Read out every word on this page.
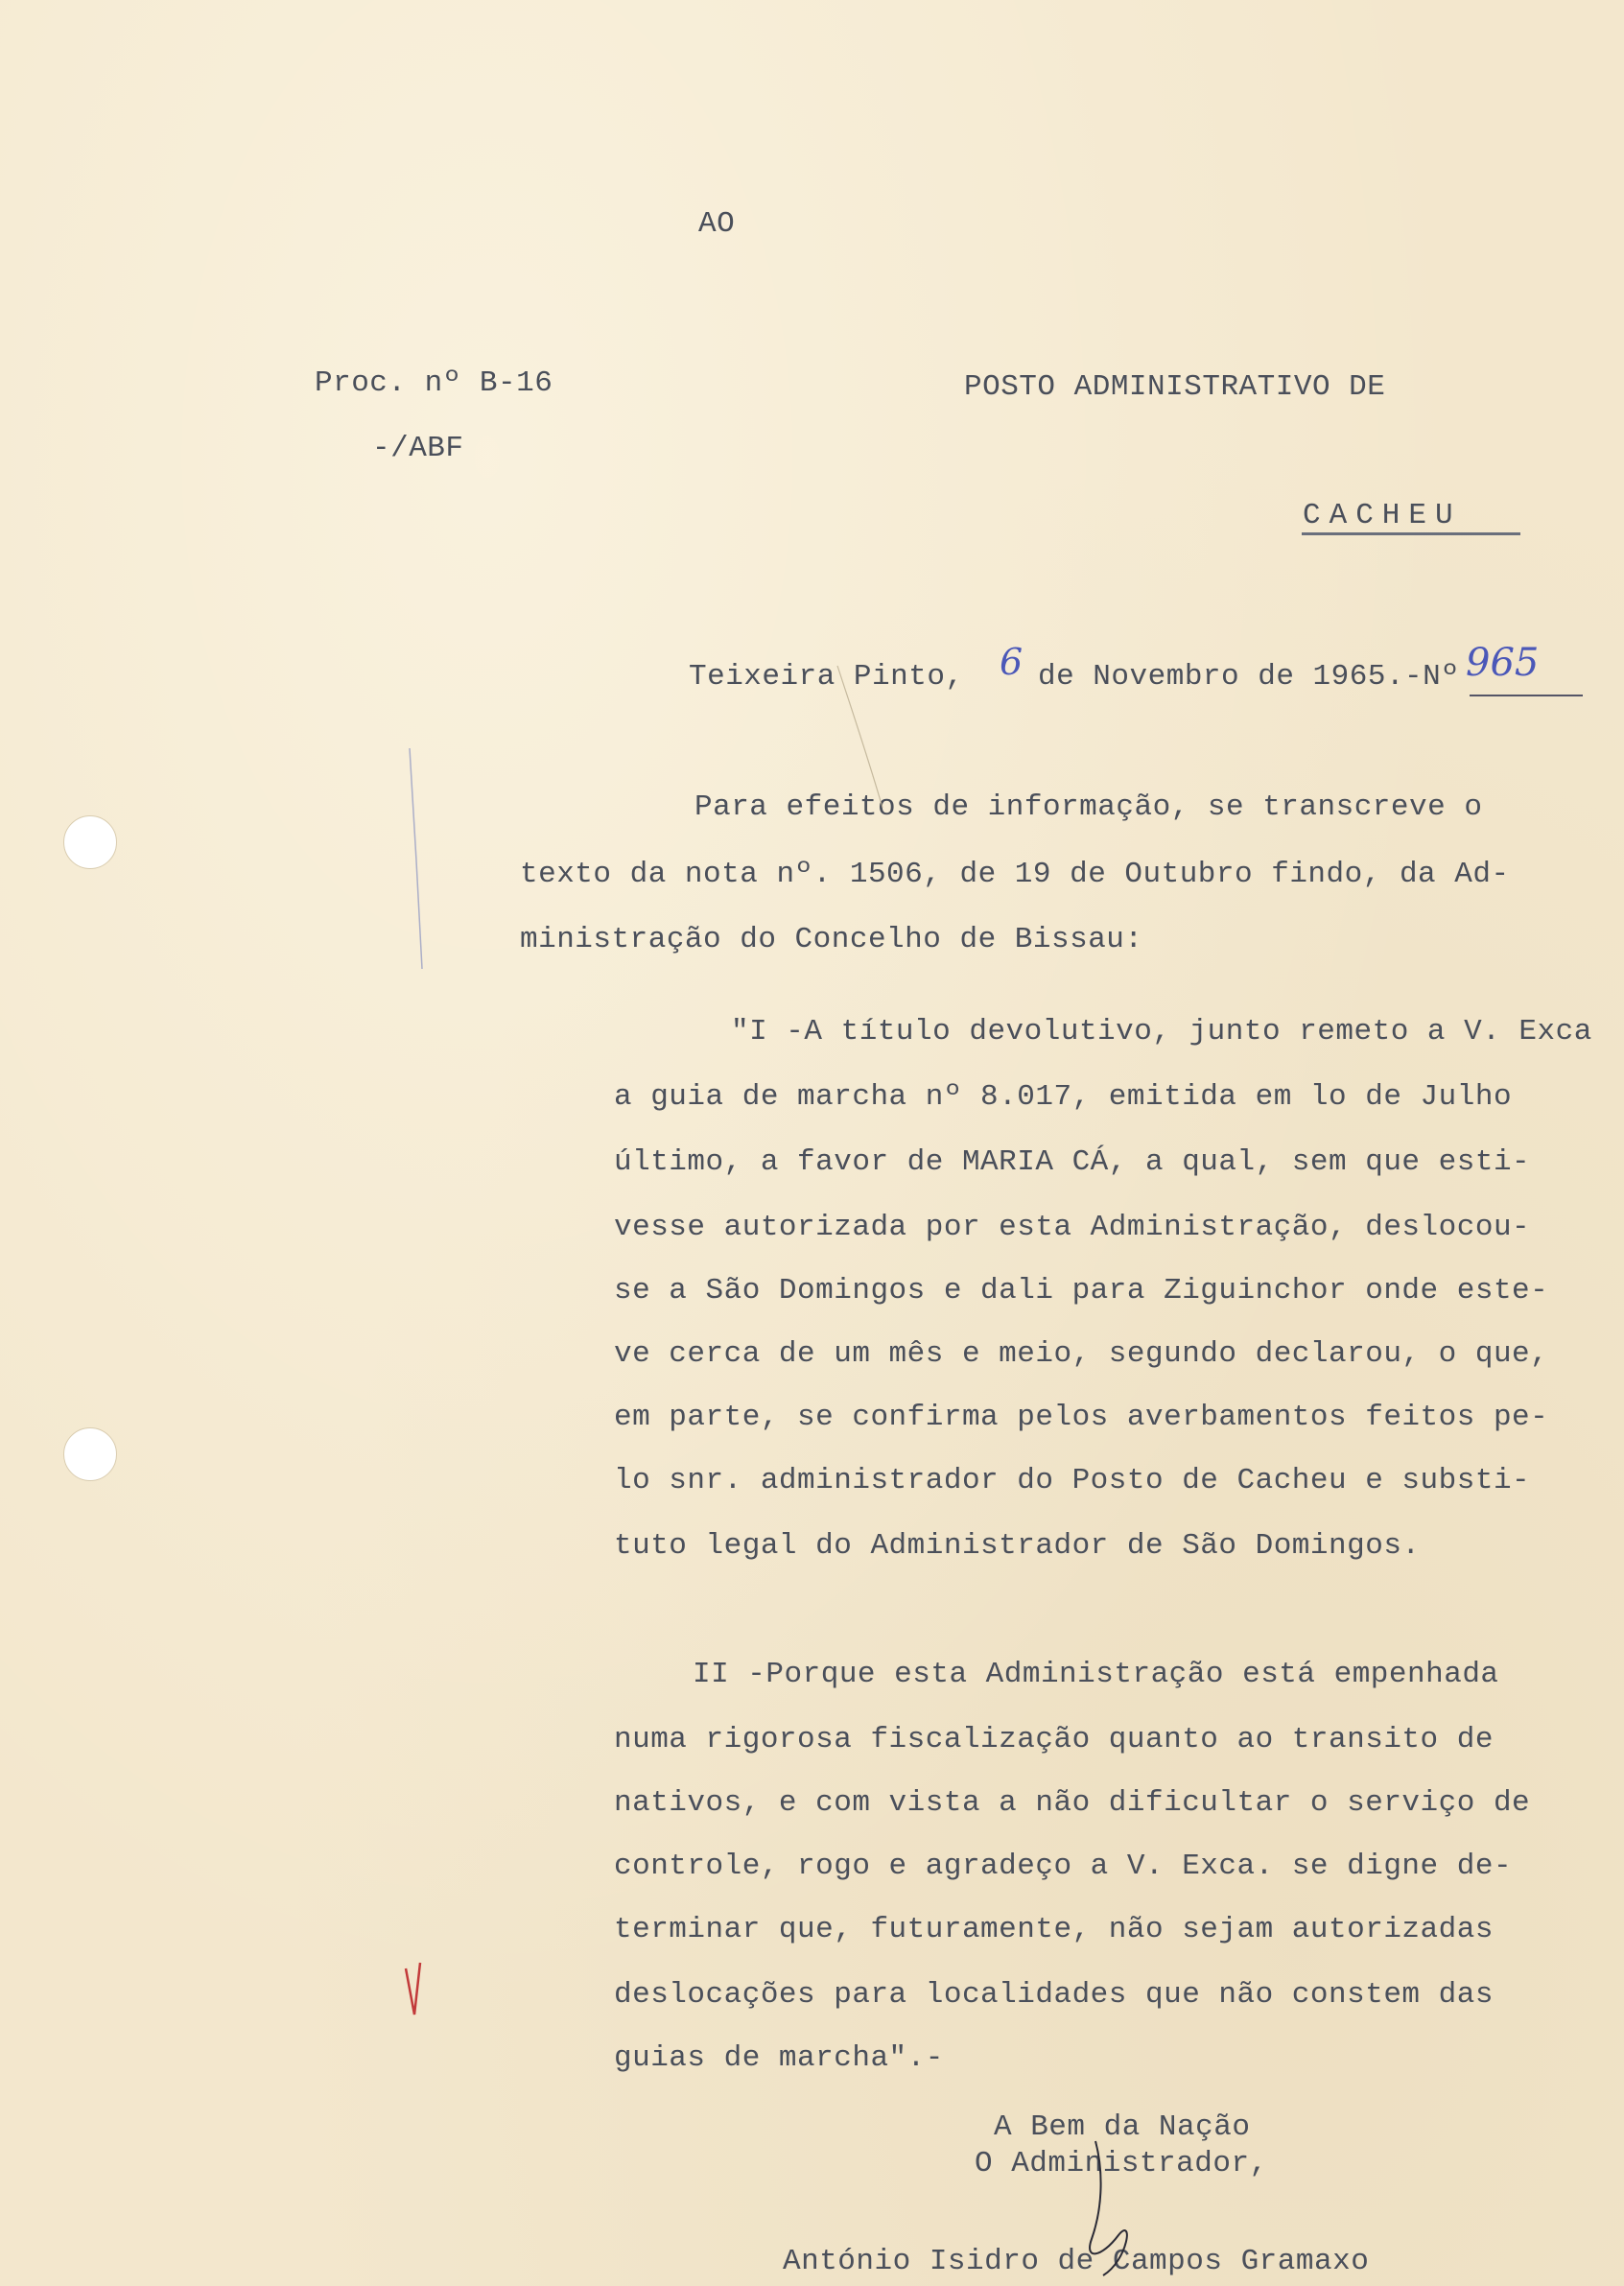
AO
Proc. nº B-16
-/ABF
POSTO ADMINISTRATIVO DE
CACHEU
Teixeira Pinto, 6 de Novembro de 1965.-Nº 965
Para efeitos de informação, se transcreve o
texto da nota nº. 1506, de 19 de Outubro findo, da Ad-
ministração do Concelho de Bissau:
"I -A título devolutivo, junto remeto a V. Exca
a guia de marcha nº 8.017, emitida em lo de Julho
último, a favor de MARIA CÁ, a qual, sem que esti-
vesse autorizada por esta Administração, deslocou-
se a São Domingos e dali para Ziguinchor onde este-
ve cerca de um mês e meio, segundo declarou, o que,
em parte, se confirma pelos averbamentos feitos pe-
lo snr. administrador do Posto de Cacheu e substi-
tuto legal do Administrador de São Domingos.
II -Porque esta Administração está empenhada
numa rigorosa fiscalização quanto ao transito de
nativos, e com vista a não dificultar o serviço de
controle, rogo e agradeço a V. Exca. se digne de-
terminar que, futuramente, não sejam autorizadas
deslocações para localidades que não constem das
guias de marcha".-
A Bem da Nação
O Administrador,
António Isidro de Campos Gramaxo
